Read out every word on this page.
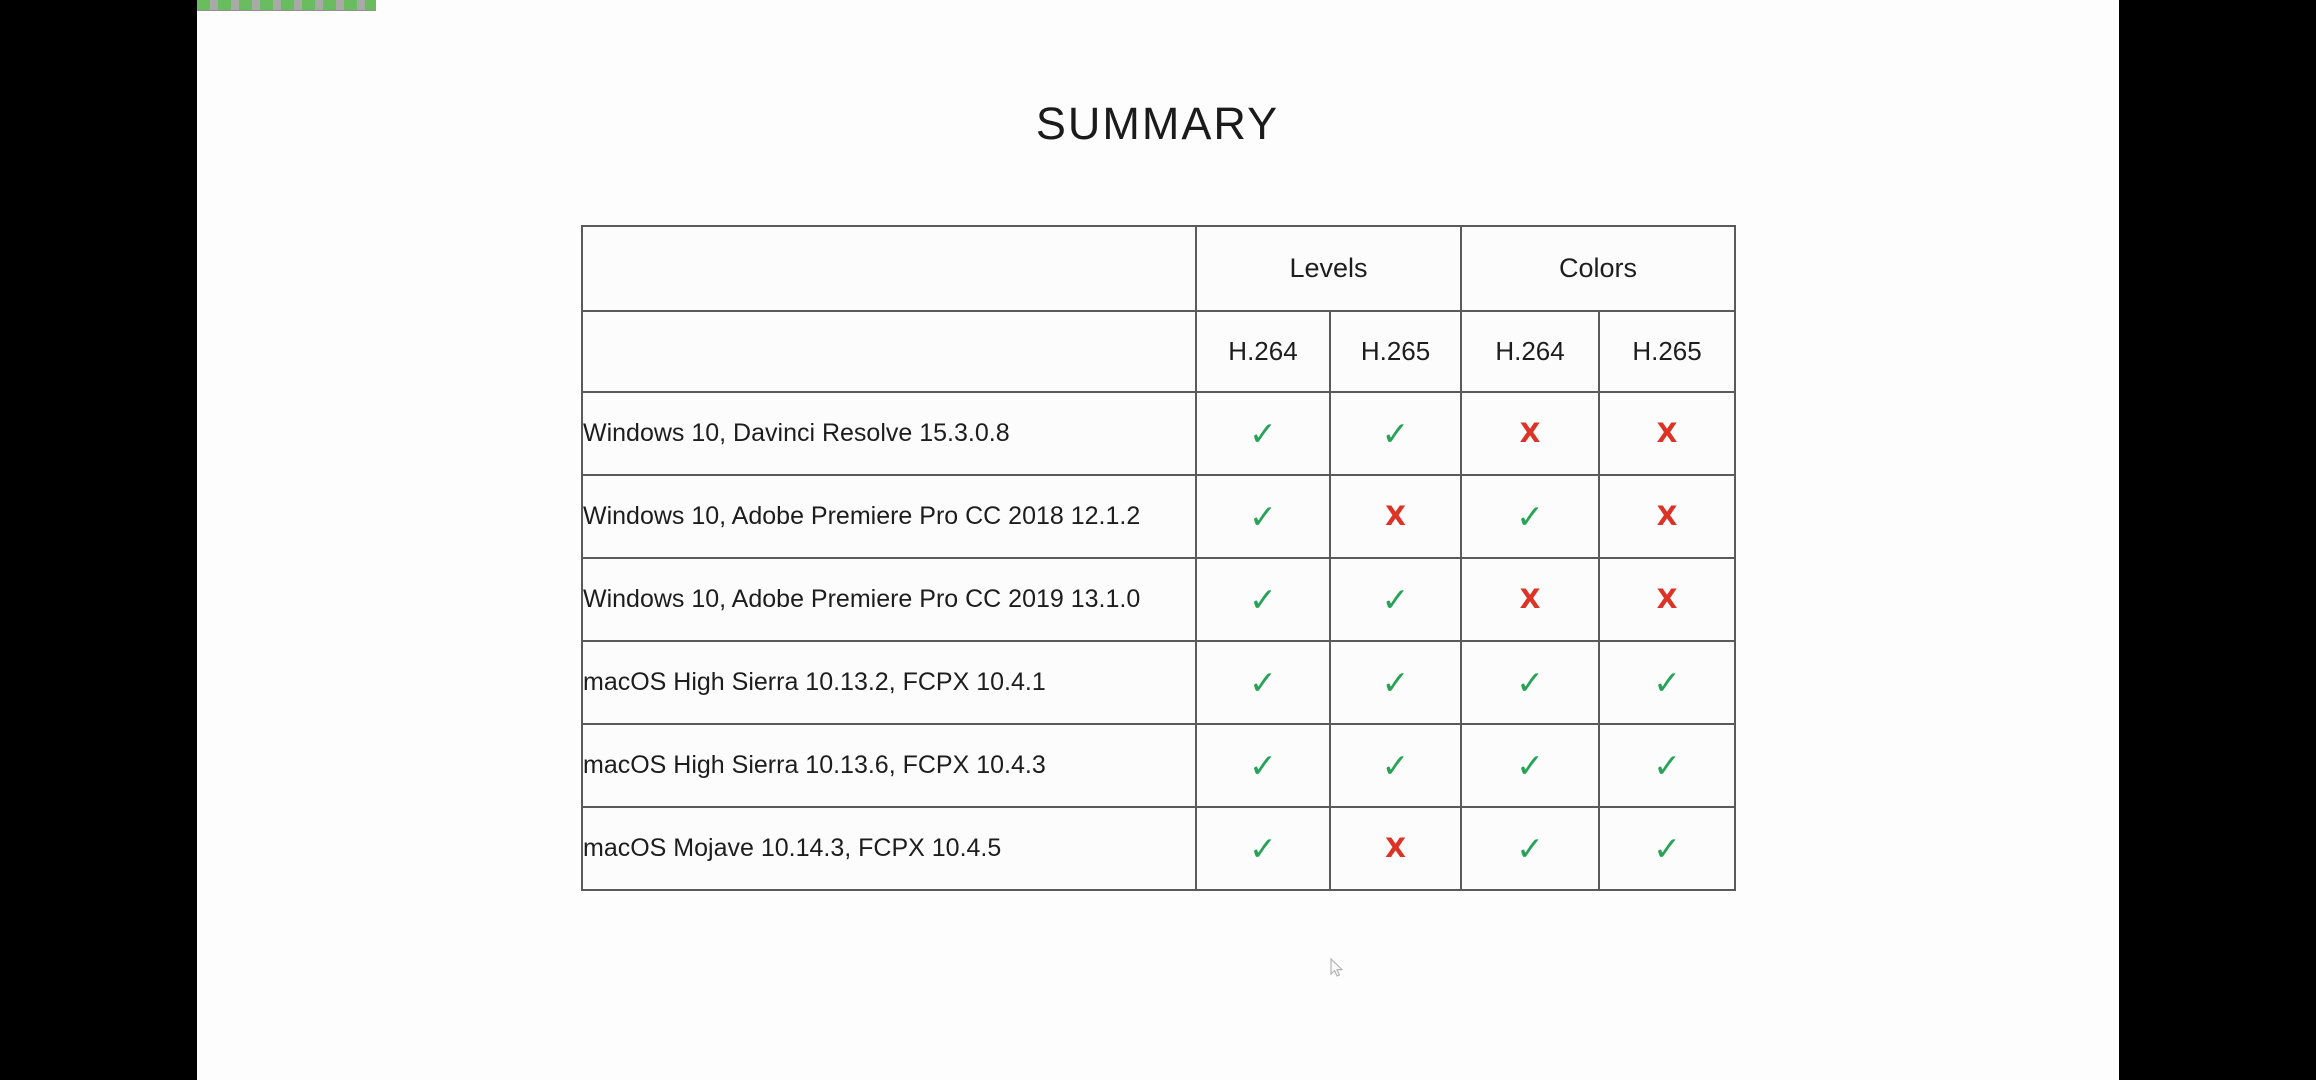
SUMMARY
	Levels		Colors	
	H.264	H.265	H.264	H.265
Windows 10, Davinci Resolve 15.3.0.8	✓	✓	X	X
Windows 10, Adobe Premiere Pro CC 2018 12.1.2	✓	X	✓	X
Windows 10, Adobe Premiere Pro CC 2019 13.1.0	✓	✓	X	X
macOS High Sierra 10.13.2, FCPX 10.4.1	✓	✓	✓	✓
macOS High Sierra 10.13.6, FCPX 10.4.3	✓	✓	✓	✓
macOS Mojave 10.14.3, FCPX 10.4.5	✓	X	✓	✓
